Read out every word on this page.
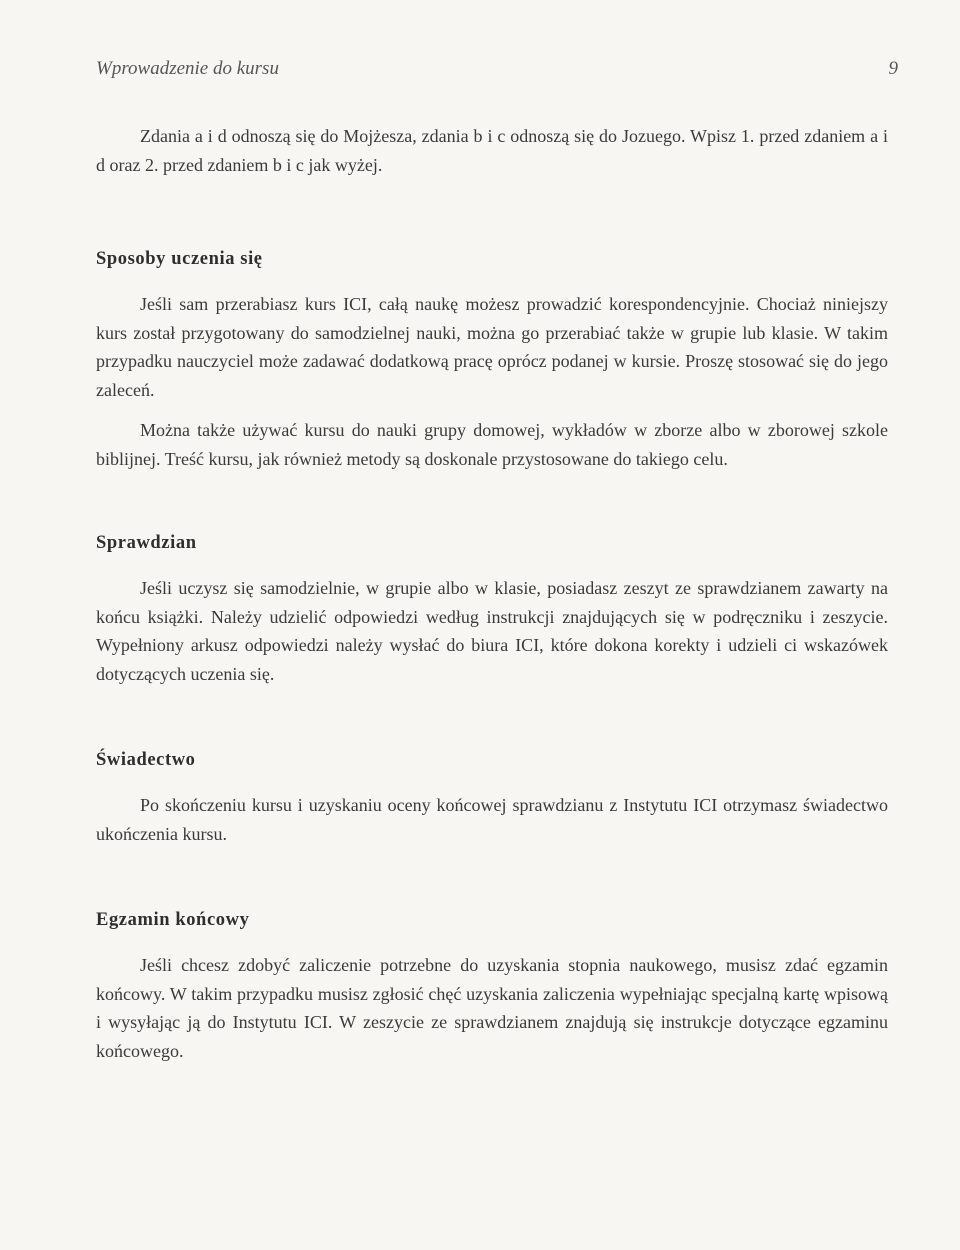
Wprowadzenie do kursu	9

Zdania a i d odnoszą się do Mojżesza, zdania b i c odnoszą się do Jozuego. Wpisz 1. przed zdaniem a i d oraz 2. przed zdaniem b i c jak wyżej.

Sposoby uczenia się

Jeśli sam przerabiasz kurs ICI, całą naukę możesz prowadzić korespondencyjnie. Chociaż niniejszy kurs został przygotowany do samodzielnej nauki, można go przerabiać także w grupie lub klasie. W takim przypadku nauczyciel może zadawać dodatkową pracę oprócz podanej w kursie. Proszę stosować się do jego zaleceń.

Można także używać kursu do nauki grupy domowej, wykładów w zborze albo w zborowej szkole biblijnej. Treść kursu, jak również metody są doskonale przystosowane do takiego celu.

Sprawdzian

Jeśli uczysz się samodzielnie, w grupie albo w klasie, posiadasz zeszyt ze sprawdzianem zawarty na końcu książki. Należy udzielić odpowiedzi według instrukcji znajdujących się w podręczniku i zeszycie. Wypełniony arkusz odpowiedzi należy wysłać do biura ICI, które dokona korekty i udzieli ci wskazówek dotyczących uczenia się.

Świadectwo

Po skończeniu kursu i uzyskaniu oceny końcowej sprawdzianu z Instytutu ICI otrzymasz świadectwo ukończenia kursu.

Egzamin końcowy

Jeśli chcesz zdobyć zaliczenie potrzebne do uzyskania stopnia naukowego, musisz zdać egzamin końcowy. W takim przypadku musisz zgłosić chęć uzyskania zaliczenia wypełniając specjalną kartę wpisową i wysyłając ją do Instytutu ICI. W zeszycie ze sprawdzianem znajdują się instrukcje dotyczące egzaminu końcowego.
